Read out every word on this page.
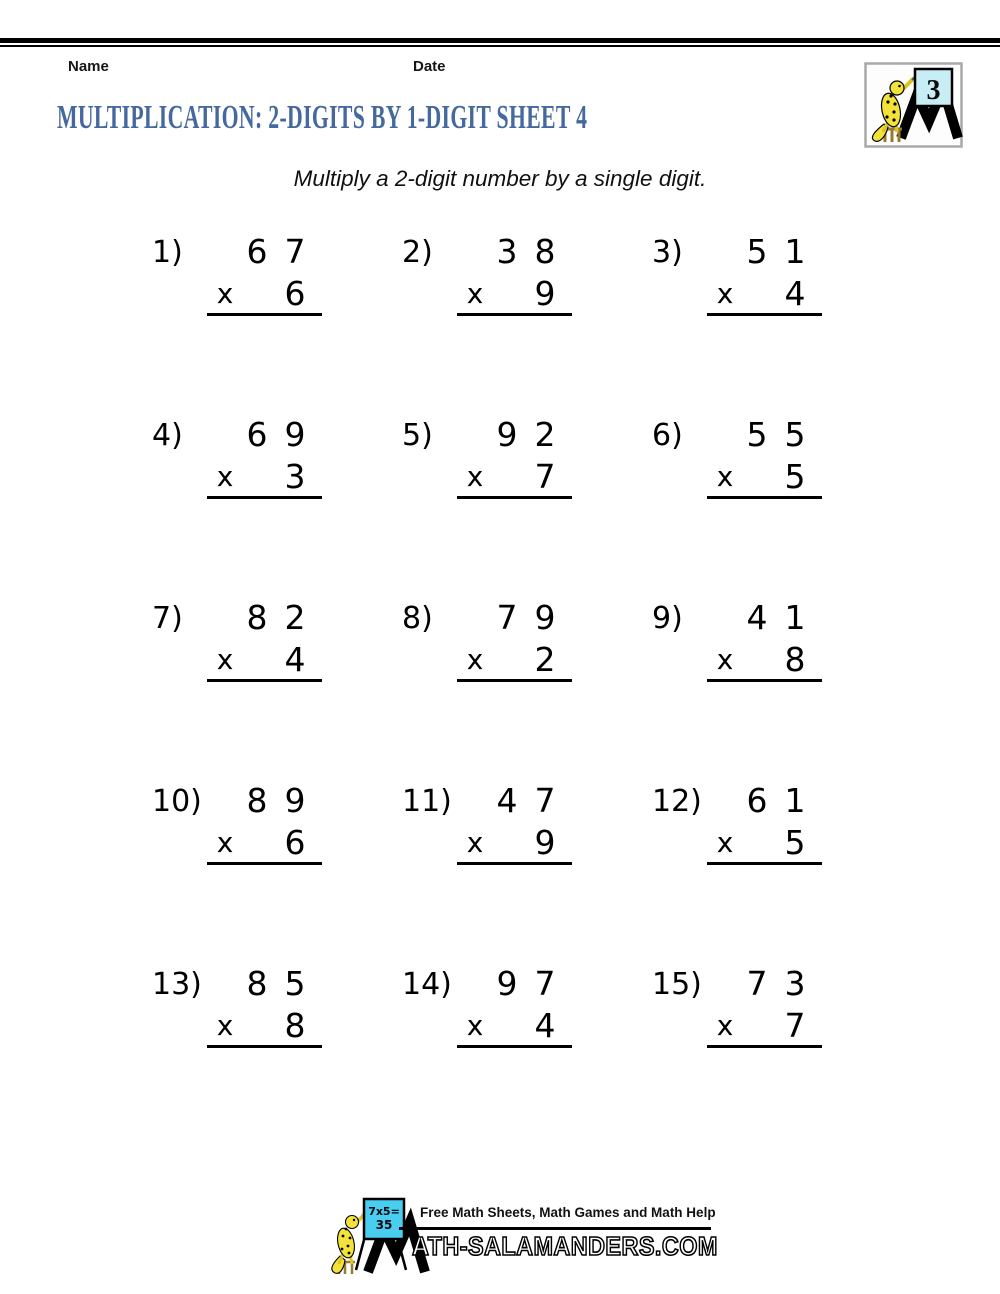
Name	Date
3
MULTIPLICATION: 2-DIGITS BY 1-DIGIT SHEET 4
Multiply a 2-digit number by a single digit.
1) 6 7
x 6
2) 3 8
x 9
3) 5 1
x 4
4) 6 9
x 3
5) 9 2
x 7
6) 5 5
x 5
7) 8 2
x 4
8) 7 9
x 2
9) 4 1
x 8
10) 8 9
x 6
11) 4 7
x 9
12) 6 1
x 5
13) 8 5
x 8
14) 9 7
x 4
15) 7 3
x 7
7x5=
35
Free Math Sheets, Math Games and Math Help
ATH-SALAMANDERS.COM
